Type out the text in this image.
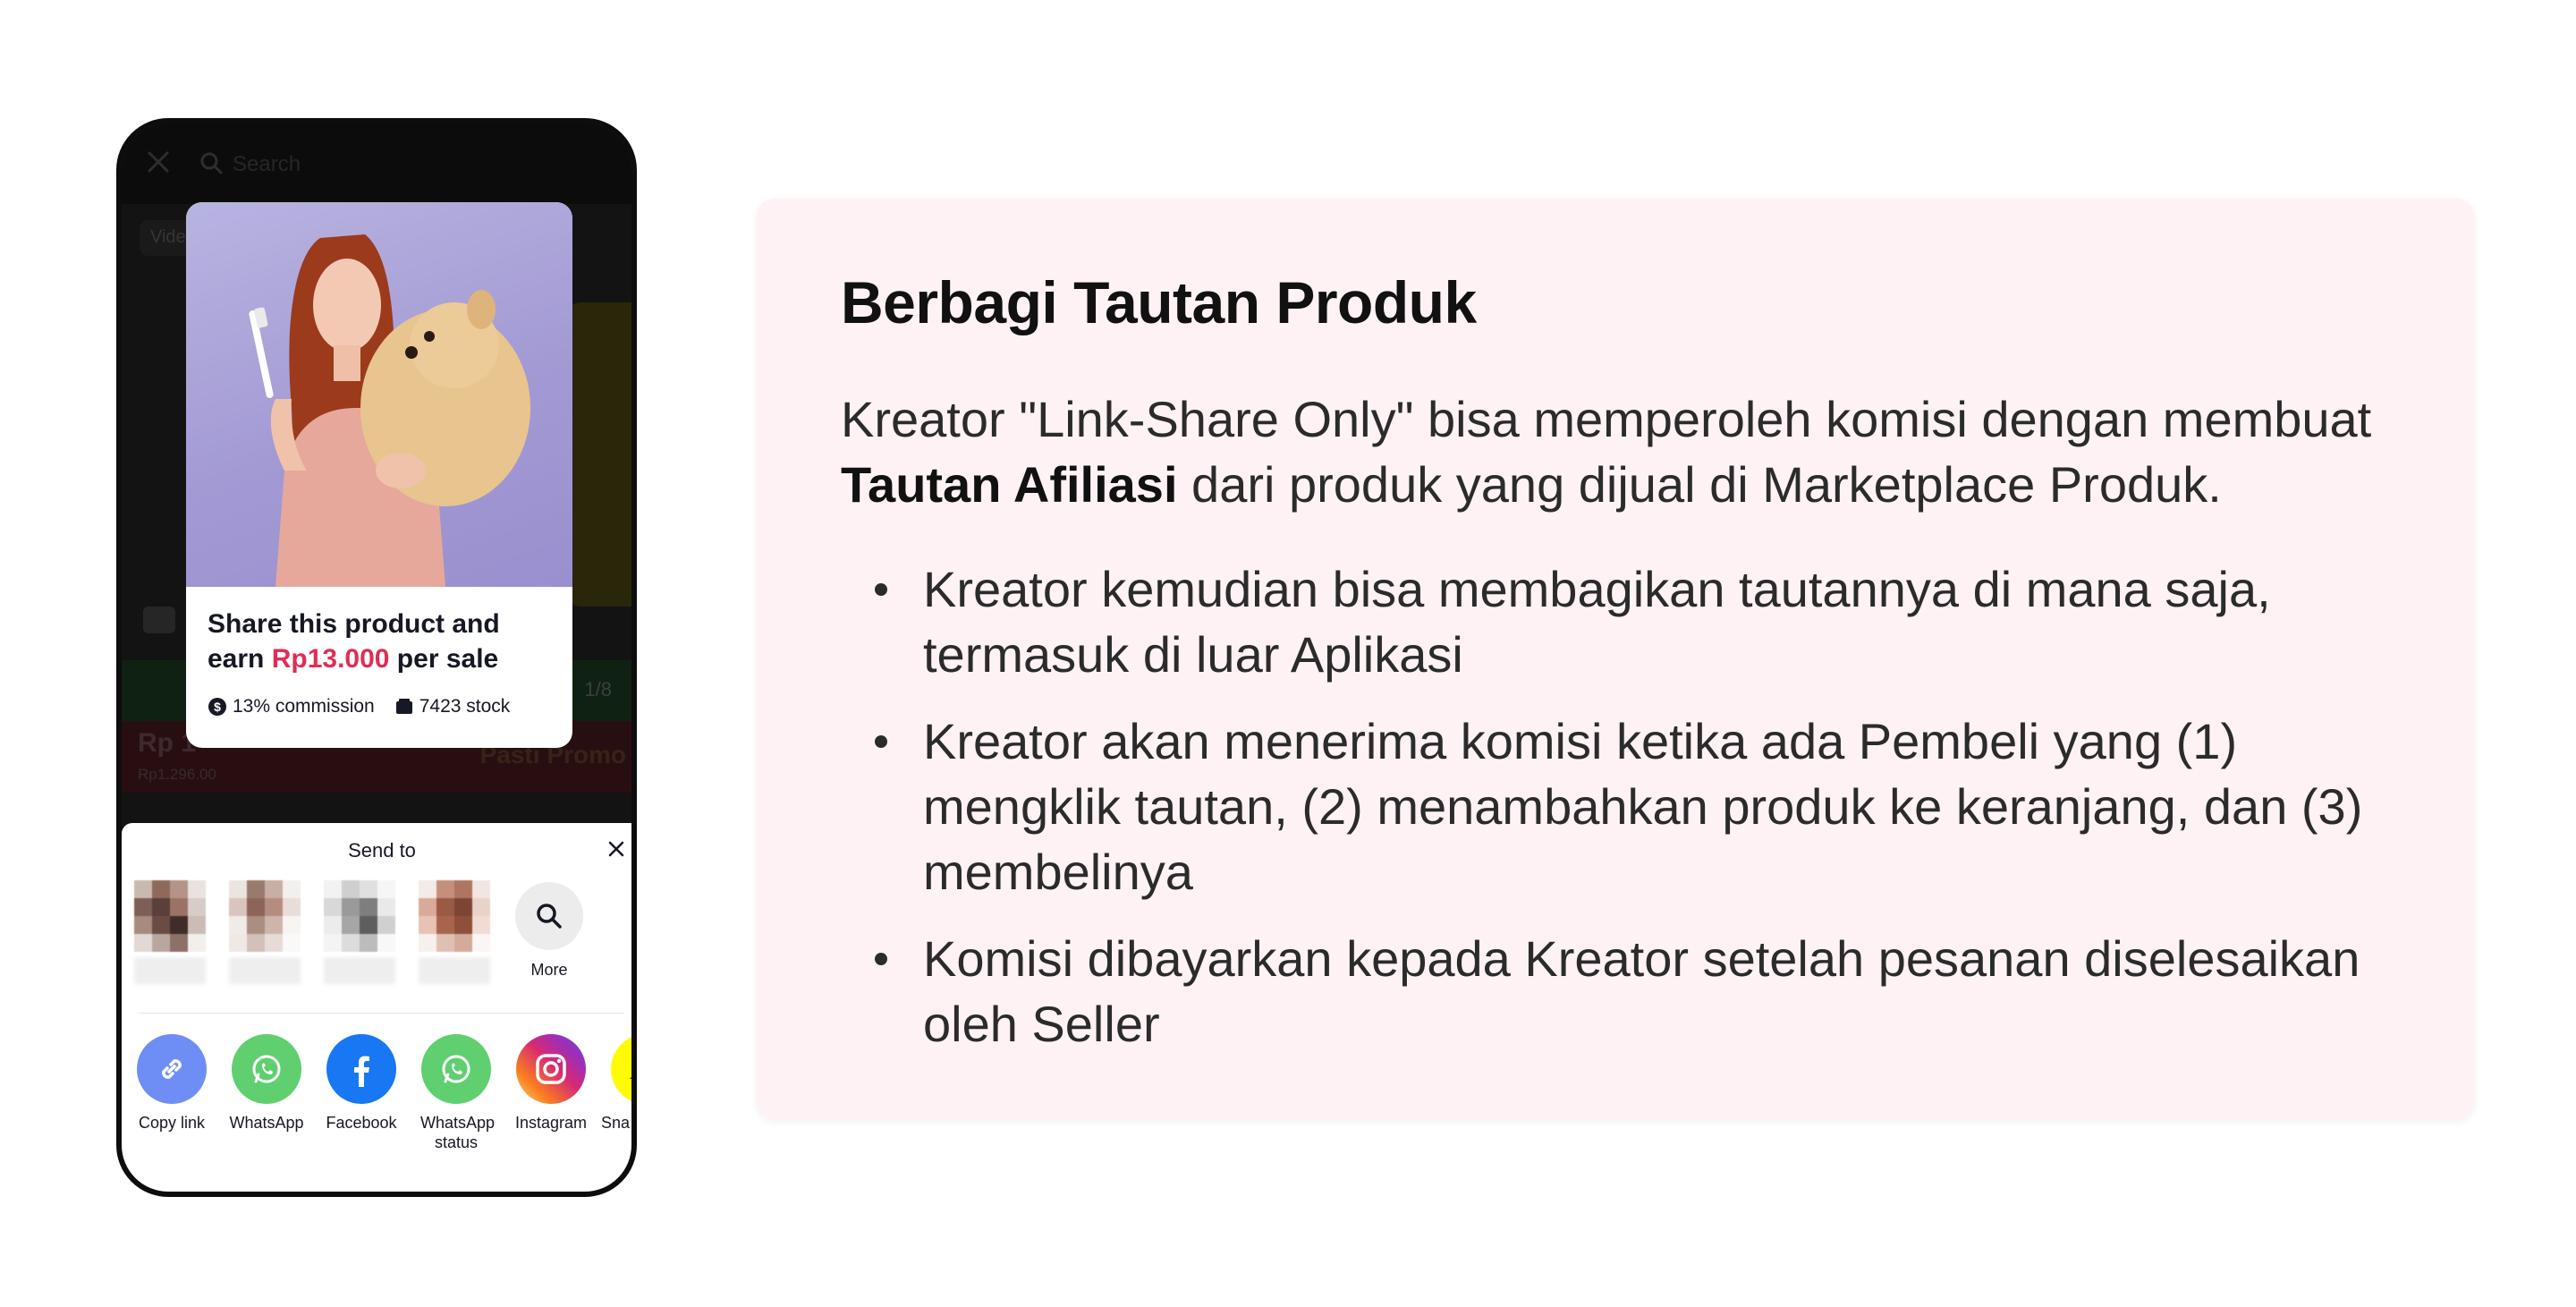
Share this product and earn Rp13.000 per sale
$ 13% commission 7423 stock
Send to
More
Copy link	WhatsApp	Facebook	WhatsApp status
Instagram Sna
Berbagi Tautan Produk
Kreator "Link-Share Only" bisa memperoleh komisi dengan membuat Tautan Afiliasi dari produk yang dijual di Marketplace Produk.
Kreator kemudian bisa membagikan tautannya di mana saja, termasuk di luar Aplikasi
Kreator akan menerima komisi ketika ada Pembeli yang (1) mengklik tautan, (2) menambahkan produk ke keranjang, dan (3) membelinya
Komisi dibayarkan kepada Kreator setelah pesanan diselesaikan oleh Seller
